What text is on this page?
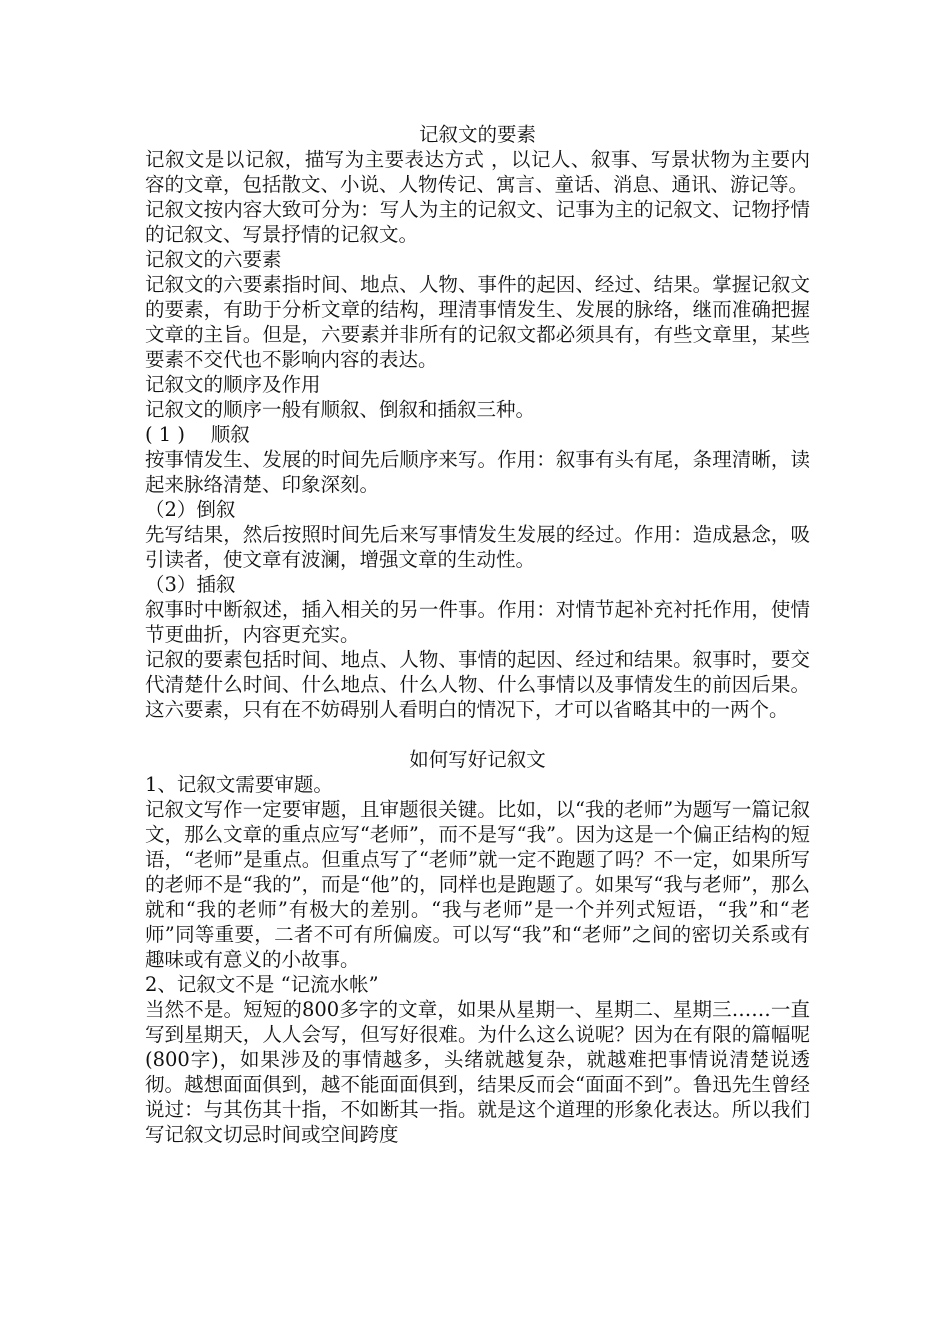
记叙文的要素

记叙文是以记叙，描写为主要表达方式 ，以记人、叙事、写景状物为主要内容的文章，包括散文、小说、人物传记、寓言、童话、消息、通讯、游记等。

记叙文按内容大致可分为：写人为主的记叙文、记事为主的记叙文、记物抒情的记叙文、写景抒情的记叙文。

记叙文的六要素

记叙文的六要素指时间、地点、人物、事件的起因、经过、结果。掌握记叙文的要素，有助于分析文章的结构，理清事情发生、发展的脉络，继而准确把握文章的主旨。但是，六要素并非所有的记叙文都必须具有，有些文章里，某些要素不交代也不影响内容的表达。

记叙文的顺序及作用

记叙文的顺序一般有顺叙、倒叙和插叙三种。

( 1 )　 顺叙

按事情发生、发展的时间先后顺序来写。作用：叙事有头有尾，条理清晰，读起来脉络清楚、印象深刻。

（2）倒叙

先写结果，然后按照时间先后来写事情发生发展的经过。作用：造成悬念，吸引读者，使文章有波澜，增强文章的生动性。

（3）插叙

叙事时中断叙述，插入相关的另一件事。作用：对情节起补充衬托作用，使情节更曲折，内容更充实。

记叙的要素包括时间、地点、人物、事情的起因、经过和结果。叙事时，要交代清楚什么时间、什么地点、什么人物、什么事情以及事情发生的前因后果。这六要素，只有在不妨碍别人看明白的情况下，才可以省略其中的一两个。

如何写好记叙文

1、记叙文需要审题。

记叙文写作一定要审题，且审题很关键。比如，以“我的老师”为题写一篇记叙文，那么文章的重点应写“老师”，而不是写“我”。因为这是一个偏正结构的短语，“老师”是重点。但重点写了“老师”就一定不跑题了吗？不一定，如果所写的老师不是“我的”，而是“他”的，同样也是跑题了。如果写“我与老师”，那么就和“我的老师”有极大的差别。“我与老师”是一个并列式短语，“我”和“老师”同等重要，二者不可有所偏废。可以写“我”和“老师”之间的密切关系或有趣味或有意义的小故事。

2、记叙文不是 “记流水帐”

当然不是。短短的800多字的文章，如果从星期一、星期二、星期三……一直写到星期天，人人会写，但写好很难。为什么这么说呢？因为在有限的篇幅呢(800字)，如果涉及的事情越多，头绪就越复杂，就越难把事情说清楚说透彻。越想面面俱到，越不能面面俱到，结果反而会“面面不到”。鲁迅先生曾经说过：与其伤其十指，不如断其一指。就是这个道理的形象化表达。所以我们写记叙文切忌时间或空间跨度
